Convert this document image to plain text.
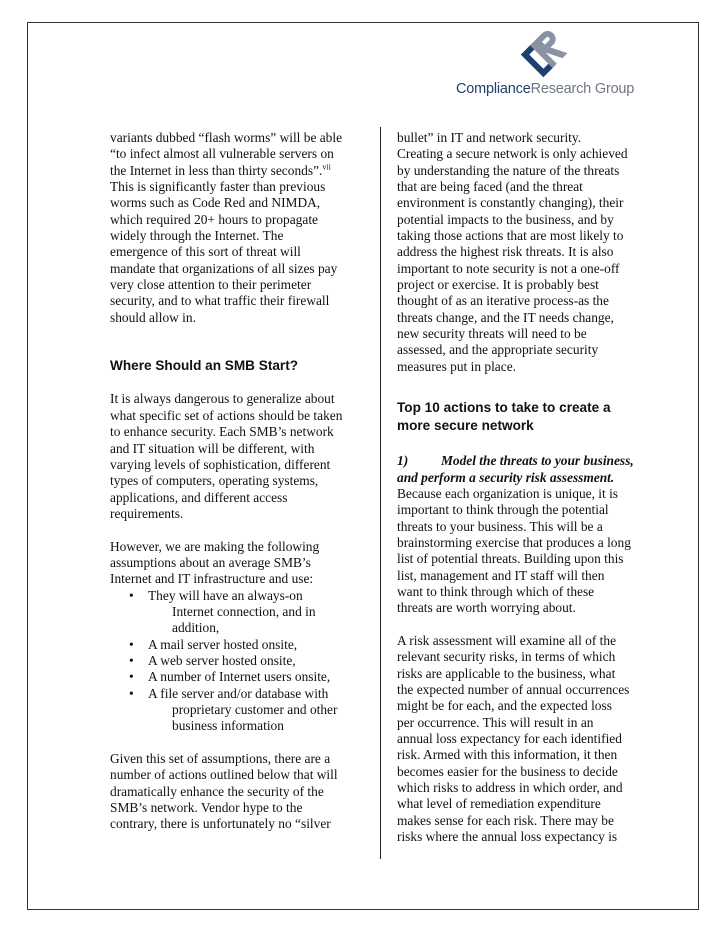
ComplianceResearch Group
variants dubbed “flash worms” will be able
“to infect almost all vulnerable servers on
the Internet in less than thirty seconds”.$^{vii}$
This is significantly faster than previous
worms such as Code Red and NIMDA,
which required 20+ hours to propagate
widely through the Internet. The
emergence of this sort of threat will
mandate that organizations of all sizes pay
very close attention to their perimeter
security, and to what traffic their firewall
should allow in.
Where Should an SMB Start?
It is always dangerous to generalize about
what specific set of actions should be taken
to enhance security. Each SMB’s network
and IT situation will be different, with
varying levels of sophistication, different
types of computers, operating systems,
applications, and different access
requirements.
However, we are making the following
assumptions about an average SMB’s
Internet and IT infrastructure and use:
• They will have an always-on
Internet connection, and in
addition,
• A mail server hosted onsite,
• A web server hosted onsite,
• A number of Internet users onsite,
• A file server and/or database with
proprietary customer and other
business information
Given this set of assumptions, there are a
number of actions outlined below that will
dramatically enhance the security of the
SMB’s network. Vendor hype to the
contrary, there is unfortunately no “silver
bullet” in IT and network security.
Creating a secure network is only achieved
by understanding the nature of the threats
that are being faced (and the threat
environment is constantly changing), their
potential impacts to the business, and by
taking those actions that are most likely to
address the highest risk threats. It is also
important to note security is not a one-off
project or exercise. It is probably best
thought of as an iterative process-as the
threats change, and the IT needs change,
new security threats will need to be
assessed, and the appropriate security
measures put in place.
Top 10 actions to take to create a
more secure network
1) Model the threats to your business,
and perform a security risk assessment.
Because each organization is unique, it is
important to think through the potential
threats to your business. This will be a
brainstorming exercise that produces a long
list of potential threats. Building upon this
list, management and IT staff will then
want to think through which of these
threats are worth worrying about.
A risk assessment will examine all of the
relevant security risks, in terms of which
risks are applicable to the business, what
the expected number of annual occurrences
might be for each, and the expected loss
per occurrence. This will result in an
annual loss expectancy for each identified
risk. Armed with this information, it then
becomes easier for the business to decide
which risks to address in which order, and
what level of remediation expenditure
makes sense for each risk. There may be
risks where the annual loss expectancy is
